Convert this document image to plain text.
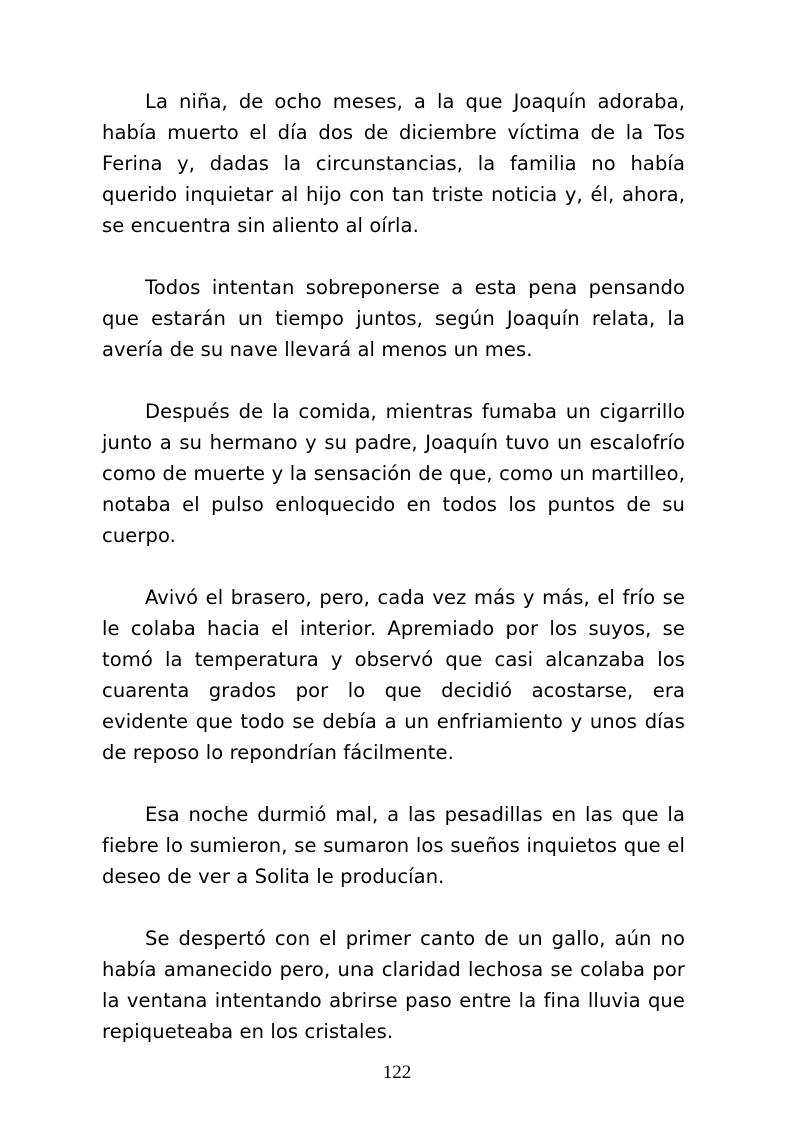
La niña, de ocho meses, a la que Joaquín adoraba, había muerto el día dos de diciembre víctima de la Tos Ferina y, dadas la circunstancias, la familia no había querido inquietar al hijo con tan triste noticia y, él, ahora, se encuentra sin aliento al oírla.

Todos intentan sobreponerse a esta pena pensando que estarán un tiempo juntos, según Joaquín relata, la avería de su nave llevará al menos un mes.

Después de la comida, mientras fumaba un cigarrillo junto a su hermano y su padre, Joaquín tuvo un escalofrío como de muerte y la sensación de que, como un martilleo, notaba el pulso enloquecido en todos los puntos de su cuerpo.

Avivó el brasero, pero, cada vez más y más, el frío se le colaba hacia el interior. Apremiado por los suyos, se tomó la temperatura y observó que casi alcanzaba los cuarenta grados por lo que decidió acostarse, era evidente que todo se debía a un enfriamiento y unos días de reposo lo repondrían fácilmente.

Esa noche durmió mal, a las pesadillas en las que la fiebre lo sumieron, se sumaron los sueños inquietos que el deseo de ver a Solita le producían.

Se despertó con el primer canto de un gallo, aún no había amanecido pero, una claridad lechosa se colaba por la ventana intentando abrirse paso entre la fina lluvia que repiqueteaba en los cristales.

122
